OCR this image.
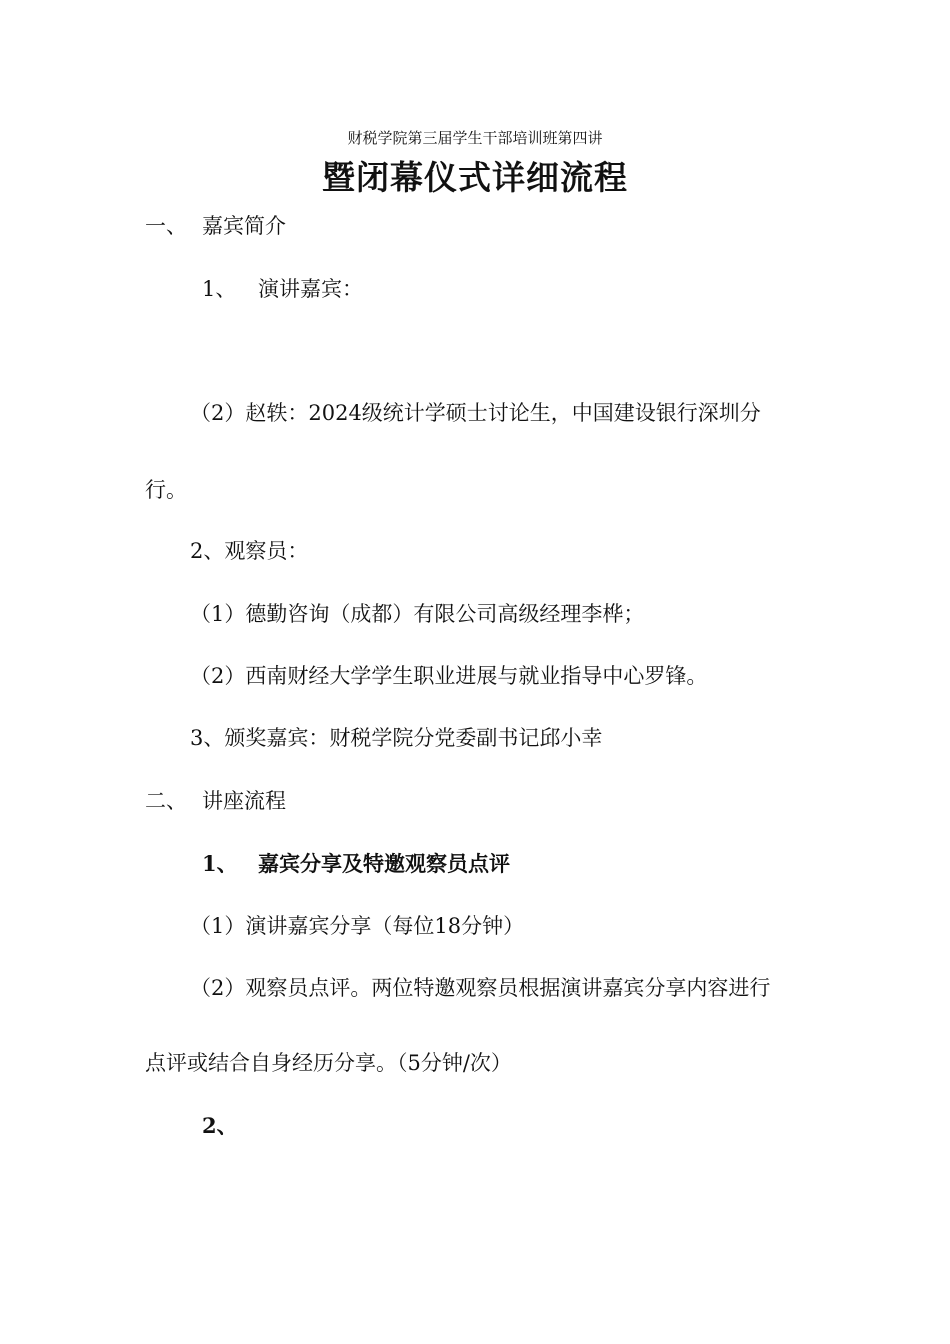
财税学院第三届学生干部培训班第四讲
暨闭幕仪式详细流程
一、 嘉宾简介
1、 演讲嘉宾：
（2）赵轶：2024级统计学硕士讨论生，中国建设银行深圳分
行。
2、观察员：
（1）德勤咨询（成都）有限公司高级经理李桦；
（2）西南财经大学学生职业进展与就业指导中心罗锋。
3、颁奖嘉宾：财税学院分党委副书记邱小幸
二、 讲座流程
1、 嘉宾分享及特邀观察员点评
（1）演讲嘉宾分享（每位18分钟）
（2）观察员点评。两位特邀观察员根据演讲嘉宾分享内容进行
点评或结合自身经历分享。（5分钟/次）
2、
